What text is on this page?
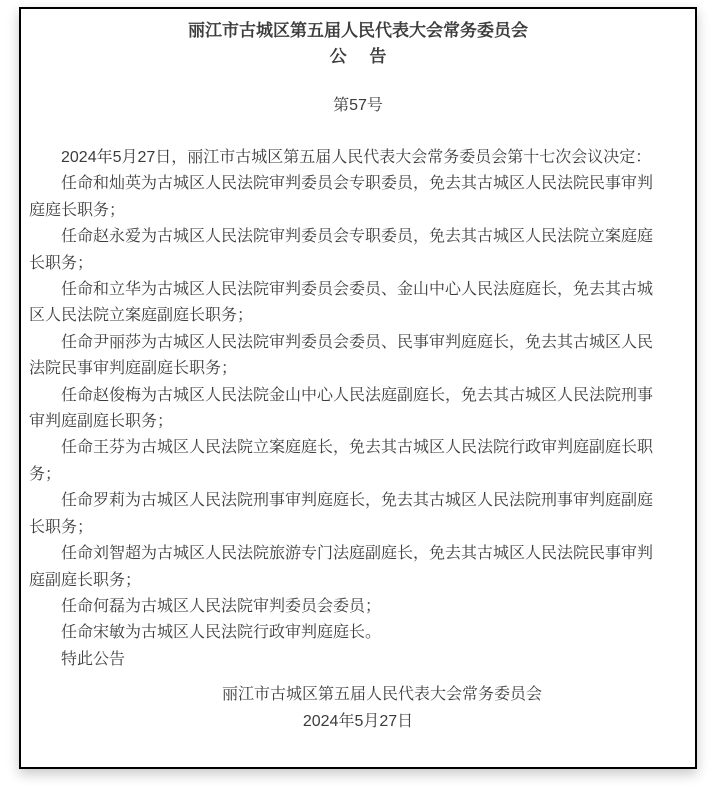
丽江市古城区第五届人民代表大会常务委员会
公 告
第57号

2024年5月27日，丽江市古城区第五届人民代表大会常务委员会第十七次会议决定：

任命和灿英为古城区人民法院审判委员会专职委员，免去其古城区人民法院民事审判庭庭长职务；

任命赵永爱为古城区人民法院审判委员会专职委员，免去其古城区人民法院立案庭庭长职务；

任命和立华为古城区人民法院审判委员会委员、金山中心人民法庭庭长，免去其古城区人民法院立案庭副庭长职务；

任命尹丽莎为古城区人民法院审判委员会委员、民事审判庭庭长，免去其古城区人民法院民事审判庭副庭长职务；

任命赵俊梅为古城区人民法院金山中心人民法庭副庭长，免去其古城区人民法院刑事审判庭副庭长职务；

任命王芬为古城区人民法院立案庭庭长，免去其古城区人民法院行政审判庭副庭长职务；

任命罗莉为古城区人民法院刑事审判庭庭长，免去其古城区人民法院刑事审判庭副庭长职务；

任命刘智超为古城区人民法院旅游专门法庭副庭长，免去其古城区人民法院民事审判庭副庭长职务；

任命何磊为古城区人民法院审判委员会委员；

任命宋敏为古城区人民法院行政审判庭庭长。

特此公告

丽江市古城区第五届人民代表大会常务委员会
2024年5月27日
